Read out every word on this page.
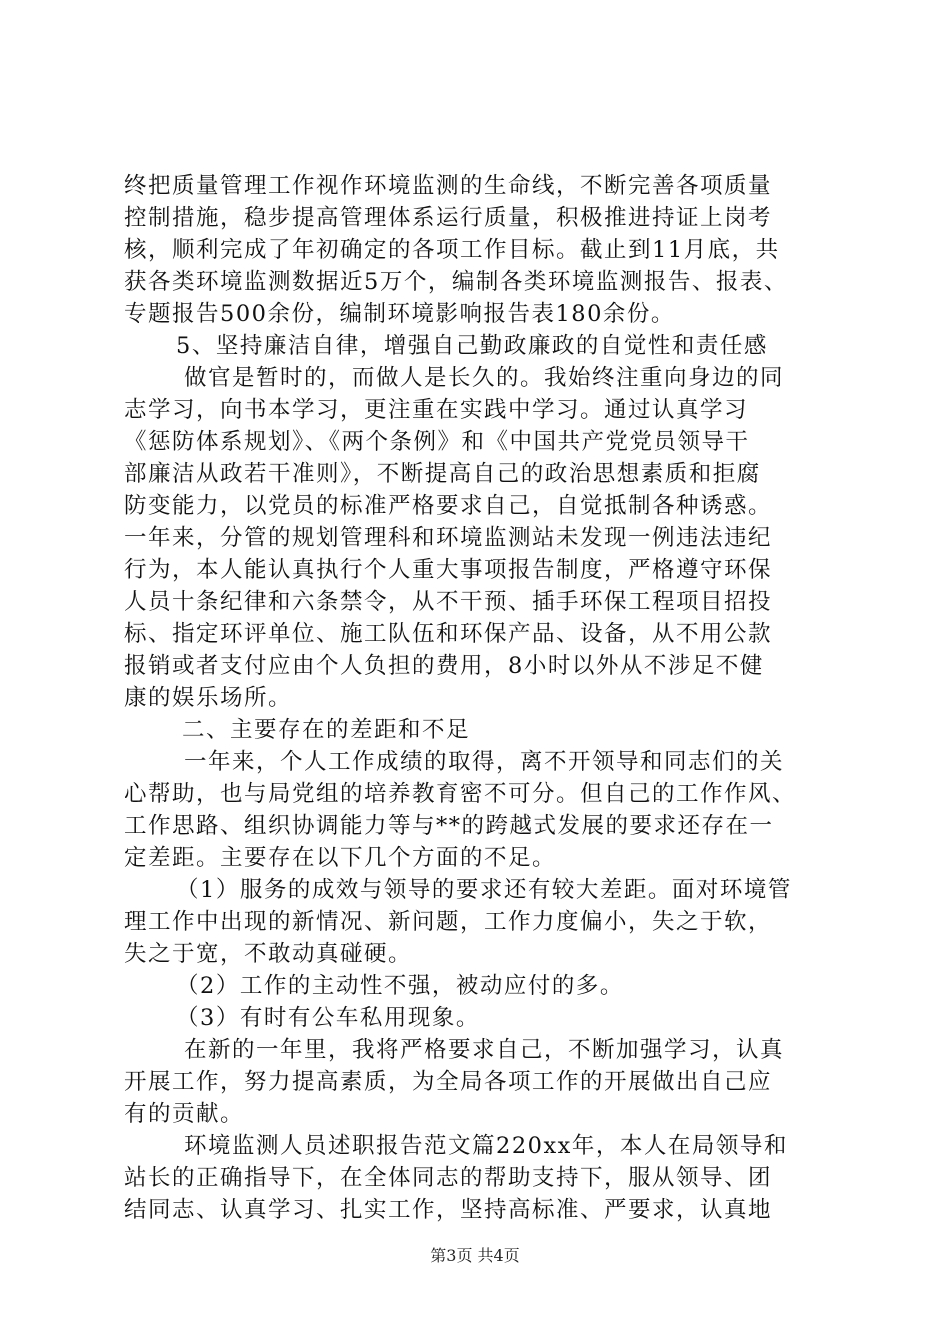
终把质量管理工作视作环境监测的生命线，不断完善各项质量
控制措施，稳步提高管理体系运行质量，积极推进持证上岗考
核，顺利完成了年初确定的各项工作目标。截止到11月底，共
获各类环境监测数据近5万个，编制各类环境监测报告、报表、
专题报告500余份，编制环境影响报告表180余份。
5、坚持廉洁自律，增强自己勤政廉政的自觉性和责任感
做官是暂时的，而做人是长久的。我始终注重向身边的同
志学习，向书本学习，更注重在实践中学习。通过认真学习
《惩防体系规划》、《两个条例》和《中国共产党党员领导干
部廉洁从政若干准则》，不断提高自己的政治思想素质和拒腐
防变能力，以党员的标准严格要求自己，自觉抵制各种诱惑。
一年来，分管的规划管理科和环境监测站未发现一例违法违纪
行为，本人能认真执行个人重大事项报告制度，严格遵守环保
人员十条纪律和六条禁令，从不干预、插手环保工程项目招投
标、指定环评单位、施工队伍和环保产品、设备，从不用公款
报销或者支付应由个人负担的费用，8小时以外从不涉足不健
康的娱乐场所。
二、主要存在的差距和不足
一年来，个人工作成绩的取得，离不开领导和同志们的关
心帮助，也与局党组的培养教育密不可分。但自己的工作作风、
工作思路、组织协调能力等与**的跨越式发展的要求还存在一
定差距。主要存在以下几个方面的不足。
（1）服务的成效与领导的要求还有较大差距。面对环境管
理工作中出现的新情况、新问题，工作力度偏小，失之于软，
失之于宽，不敢动真碰硬。
（2）工作的主动性不强，被动应付的多。
（3）有时有公车私用现象。
在新的一年里，我将严格要求自己，不断加强学习，认真
开展工作，努力提高素质，为全局各项工作的开展做出自己应
有的贡献。
环境监测人员述职报告范文篇220xx年，本人在局领导和
站长的正确指导下，在全体同志的帮助支持下，服从领导、团
结同志、认真学习、扎实工作，坚持高标准、严要求，认真地
第3页 共4页
